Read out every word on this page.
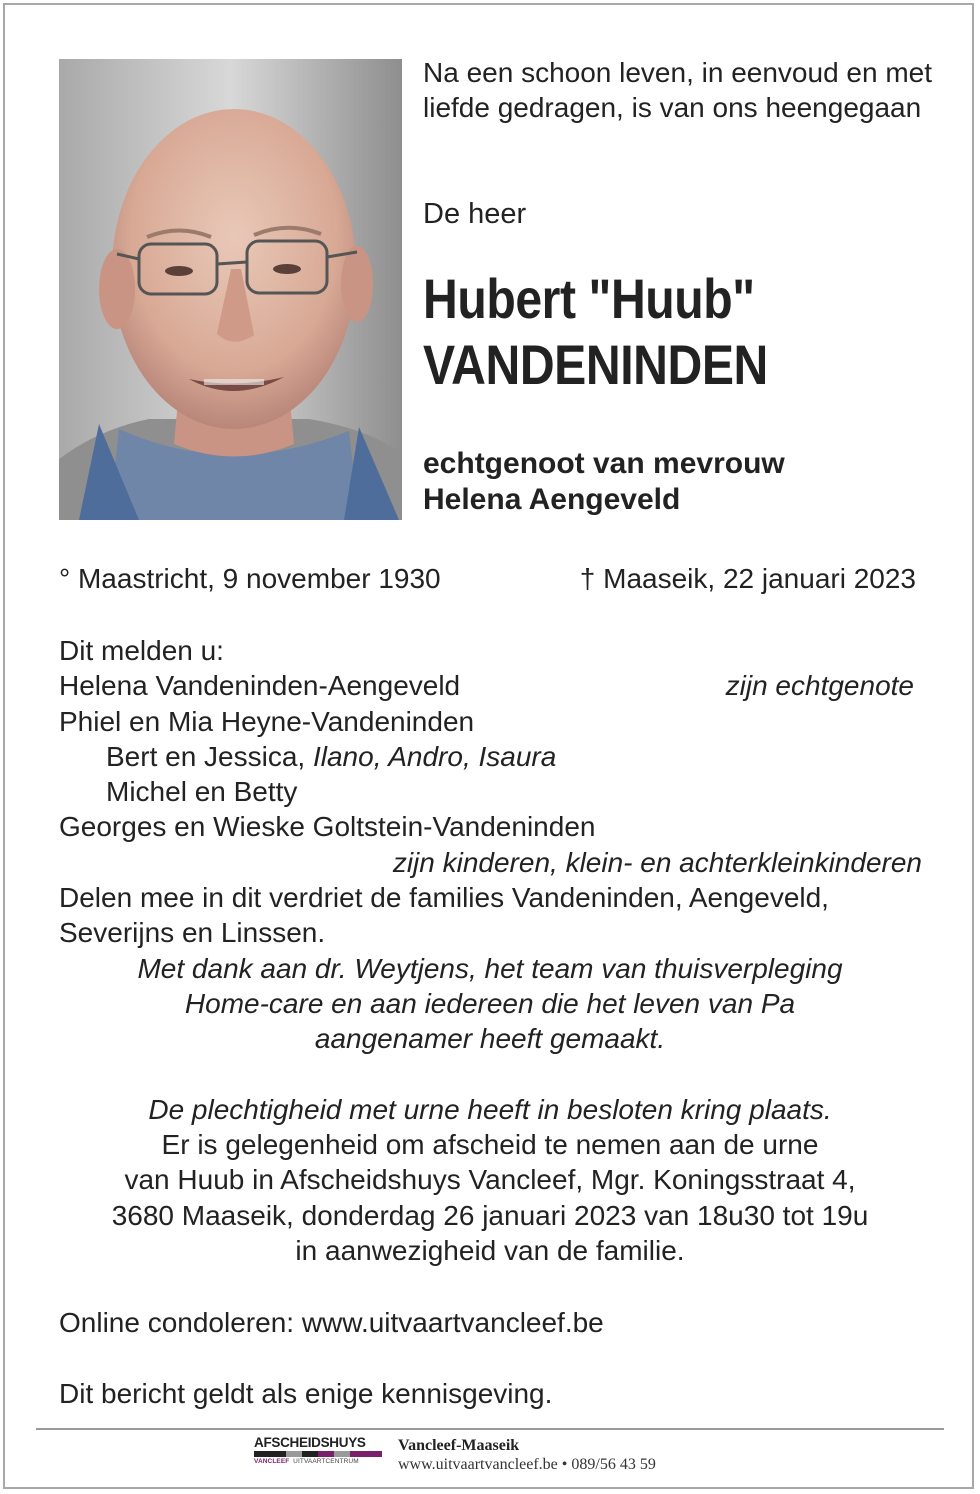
Na een schoon leven, in eenvoud en met liefde gedragen, is van ons heengegaan

De heer
Hubert "Huub"
VANDENINDEN
echtgenoot van mevrouw
Helena Aengeveld
° Maastricht, 9 november 1930	† Maaseik, 22 januari 2023
Dit melden u:
Helena Vandeninden-Aengeveld	zijn echtgenote
Phiel en Mia Heyne-Vandeninden
Bert en Jessica, Ilano, Andro, Isaura
Michel en Betty
Georges en Wieske Goltstein-Vandeninden
zijn kinderen, klein- en achterkleinkinderen
Delen mee in dit verdriet de families Vandeninden, Aengeveld,
Severijns en Linssen.
Met dank aan dr. Weytjens, het team van thuisverpleging
Home-care en aan iedereen die het leven van Pa
aangenamer heeft gemaakt.
De plechtigheid met urne heeft in besloten kring plaats.
Er is gelegenheid om afscheid te nemen aan de urne
van Huub in Afscheidshuys Vancleef, Mgr. Koningsstraat 4,
3680 Maaseik, donderdag 26 januari 2023 van 18u30 tot 19u
in aanwezigheid van de familie.
Online condoleren: www.uitvaartvancleef.be
Dit bericht geldt als enige kennisgeving.
AFSCHEIDSHUYS
VANCLEEF UITVAARTCENTRUM
Vancleef-Maaseik
www.uitvaartvancleef.be • 089/56 43 59
